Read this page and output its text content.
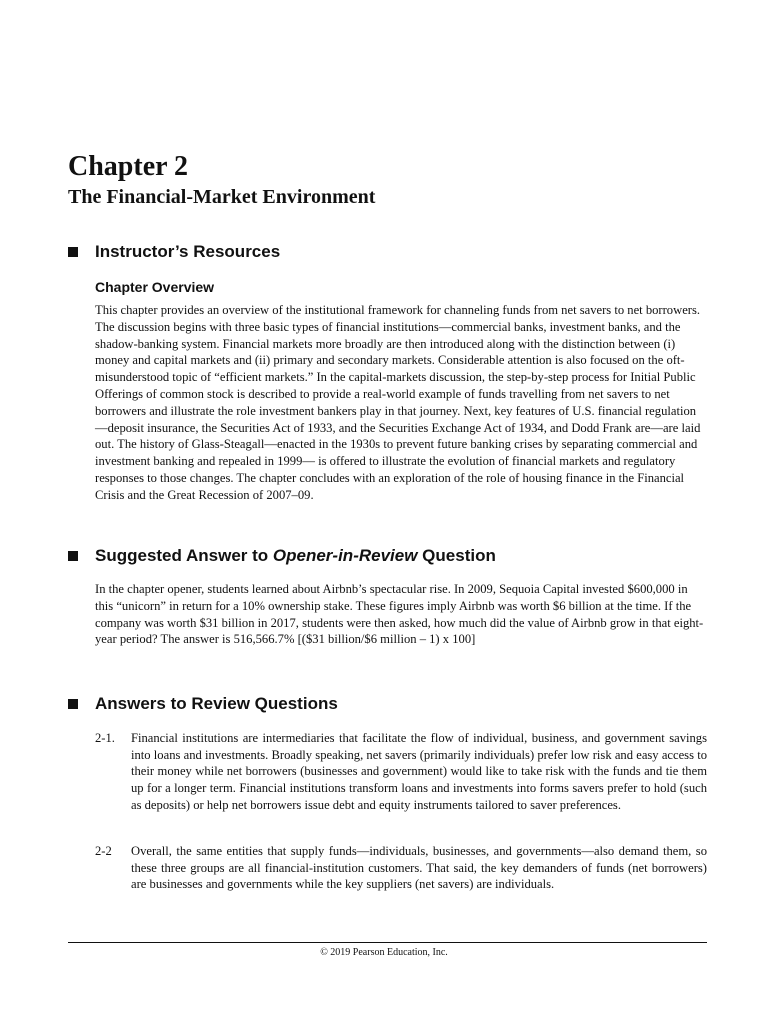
Chapter 2
The Financial-Market Environment
Instructor’s Resources
Chapter Overview
This chapter provides an overview of the institutional framework for channeling funds from net savers to net borrowers. The discussion begins with three basic types of financial institutions—commercial banks, investment banks, and the shadow-banking system. Financial markets more broadly are then introduced along with the distinction between (i) money and capital markets and (ii) primary and secondary markets. Considerable attention is also focused on the oft-misunderstood topic of “efficient markets.” In the capital-markets discussion, the step-by-step process for Initial Public Offerings of common stock is described to provide a real-world example of funds travelling from net savers to net borrowers and illustrate the role investment bankers play in that journey. Next, key features of U.S. financial regulation—deposit insurance, the Securities Act of 1933, and the Securities Exchange Act of 1934, and Dodd Frank are—are laid out. The history of Glass-Steagall—enacted in the 1930s to prevent future banking crises by separating commercial and investment banking and repealed in 1999— is offered to illustrate the evolution of financial markets and regulatory responses to those changes. The chapter concludes with an exploration of the role of housing finance in the Financial Crisis and the Great Recession of 2007–09.
Suggested Answer to Opener-in-Review Question
In the chapter opener, students learned about Airbnb’s spectacular rise. In 2009, Sequoia Capital invested $600,000 in this “unicorn” in return for a 10% ownership stake. These figures imply Airbnb was worth $6 billion at the time. If the company was worth $31 billion in 2017, students were then asked, how much did the value of Airbnb grow in that eight-year period? The answer is 516,566.7% [($31 billion/$6 million – 1) x 100]
Answers to Review Questions
2-1.	Financial institutions are intermediaries that facilitate the flow of individual, business, and government savings into loans and investments. Broadly speaking, net savers (primarily individuals) prefer low risk and easy access to their money while net borrowers (businesses and government) would like to take risk with the funds and tie them up for a longer term. Financial institutions transform loans and investments into forms savers prefer to hold (such as deposits) or help net borrowers issue debt and equity instruments tailored to saver preferences.
2-2	Overall, the same entities that supply funds—individuals, businesses, and governments—also demand them, so these three groups are all financial-institution customers. That said, the key demanders of funds (net borrowers) are businesses and governments while the key suppliers (net savers) are individuals.
© 2019 Pearson Education, Inc.
